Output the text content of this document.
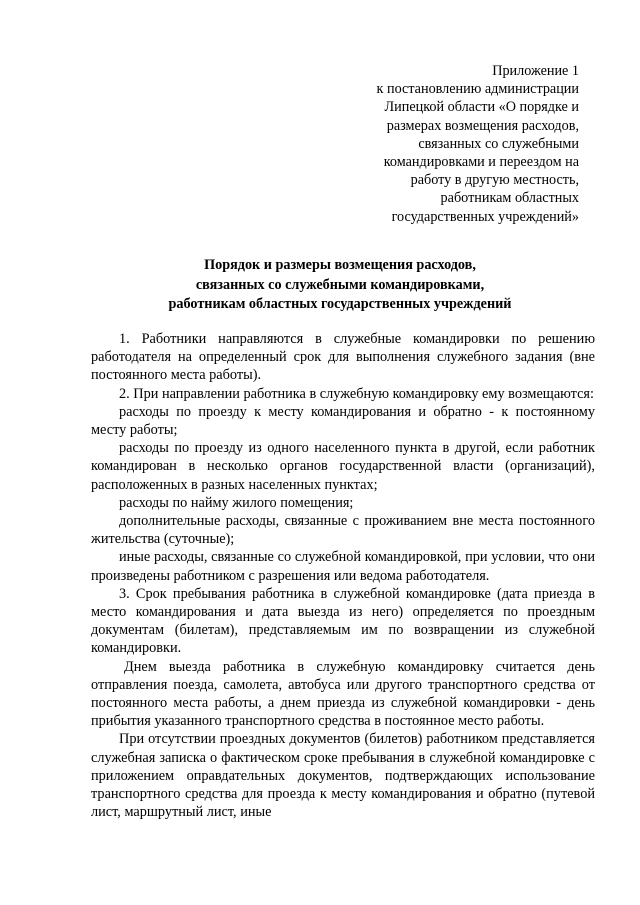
Приложение 1
к постановлению администрации
Липецкой области «О порядке и
размерах возмещения расходов,
связанных со служебными
командировками и переездом на
работу в другую местность,
работникам областных
государственных учреждений»
Порядок и размеры возмещения расходов,
связанных со служебными командировками,
работникам областных государственных учреждений

1. Работники направляются в служебные командировки по решению работодателя на определенный срок для выполнения служебного задания (вне постоянного места работы).

2. При направлении работника в служебную командировку ему возмещаются:

расходы по проезду к месту командирования и обратно - к постоянному месту работы;

расходы по проезду из одного населенного пункта в другой, если работник командирован в несколько органов государственной власти (организаций), расположенных в разных населенных пунктах;

расходы по найму жилого помещения;

дополнительные расходы, связанные с проживанием вне места постоянного жительства (суточные);

иные расходы, связанные со служебной командировкой, при условии, что они произведены работником с разрешения или ведома работодателя.

3. Срок пребывания работника в служебной командировке (дата приезда в место командирования и дата выезда из него) определяется по проездным документам (билетам), представляемым им по возвращении из служебной командировки.

Днем выезда работника в служебную командировку считается день отправления поезда, самолета, автобуса или другого транспортного средства от постоянного места работы, а днем приезда из служебной командировки - день прибытия указанного транспортного средства в постоянное место работы.

При отсутствии проездных документов (билетов) работником представляется служебная записка о фактическом сроке пребывания в служебной командировке с приложением оправдательных документов, подтверждающих использование транспортного средства для проезда к месту командирования и обратно (путевой лист, маршрутный лист, иные
